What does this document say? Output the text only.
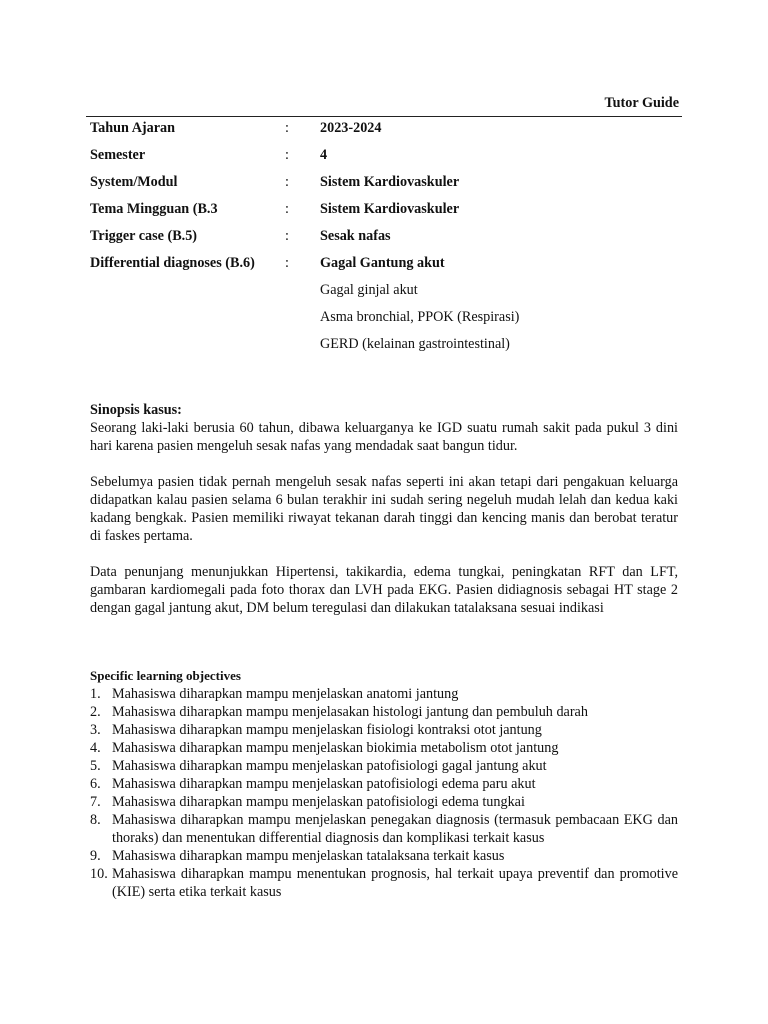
Tutor Guide
Tahun Ajaran	: 2023-2024
Semester	: 4
System/Modul	: Sistem Kardiovaskuler
Tema Mingguan (B.3	: Sistem Kardiovaskuler
Trigger case (B.5)	: Sesak nafas
Differential diagnoses (B.6) : Gagal Gantung akut
Gagal ginjal akut
Asma bronchial, PPOK (Respirasi)
GERD (kelainan gastrointestinal)

Sinopsis kasus:

Seorang laki-laki berusia 60 tahun, dibawa keluarganya ke IGD suatu rumah sakit pada pukul 3 dini hari karena pasien mengeluh sesak nafas yang mendadak saat bangun tidur.

Sebelumya pasien tidak pernah mengeluh sesak nafas seperti ini akan tetapi dari pengakuan keluarga didapatkan kalau pasien selama 6 bulan terakhir ini sudah sering negeluh mudah lelah dan kedua kaki kadang bengkak. Pasien memiliki riwayat tekanan darah tinggi dan kencing manis dan berobat teratur di faskes pertama.

Data penunjang menunjukkan Hipertensi, takikardia, edema tungkai, peningkatan RFT dan LFT, gambaran kardiomegali pada foto thorax dan LVH pada EKG. Pasien didiagnosis sebagai HT stage 2 dengan gagal jantung akut, DM belum teregulasi dan dilakukan tatalaksana sesuai indikasi

Specific learning objectives
1. Mahasiswa diharapkan mampu menjelaskan anatomi jantung
2. Mahasiswa diharapkan mampu menjelasakan histologi jantung dan pembuluh darah
3. Mahasiswa diharapkan mampu menjelaskan fisiologi kontraksi otot jantung
4. Mahasiswa diharapkan mampu menjelaskan biokimia metabolism otot jantung
5. Mahasiswa diharapkan mampu menjelaskan patofisiologi gagal jantung akut
6. Mahasiswa diharapkan mampu menjelaskan patofisiologi edema paru akut
7. Mahasiswa diharapkan mampu menjelaskan patofisiologi edema tungkai
8. Mahasiswa diharapkan mampu menjelaskan penegakan diagnosis (termasuk pembacaan EKG dan thoraks) dan menentukan differential diagnosis dan komplikasi terkait kasus
9. Mahasiswa diharapkan mampu menjelaskan tatalaksana terkait kasus
10. Mahasiswa diharapkan mampu menentukan prognosis, hal terkait upaya preventif dan promotive (KIE) serta etika terkait kasus
